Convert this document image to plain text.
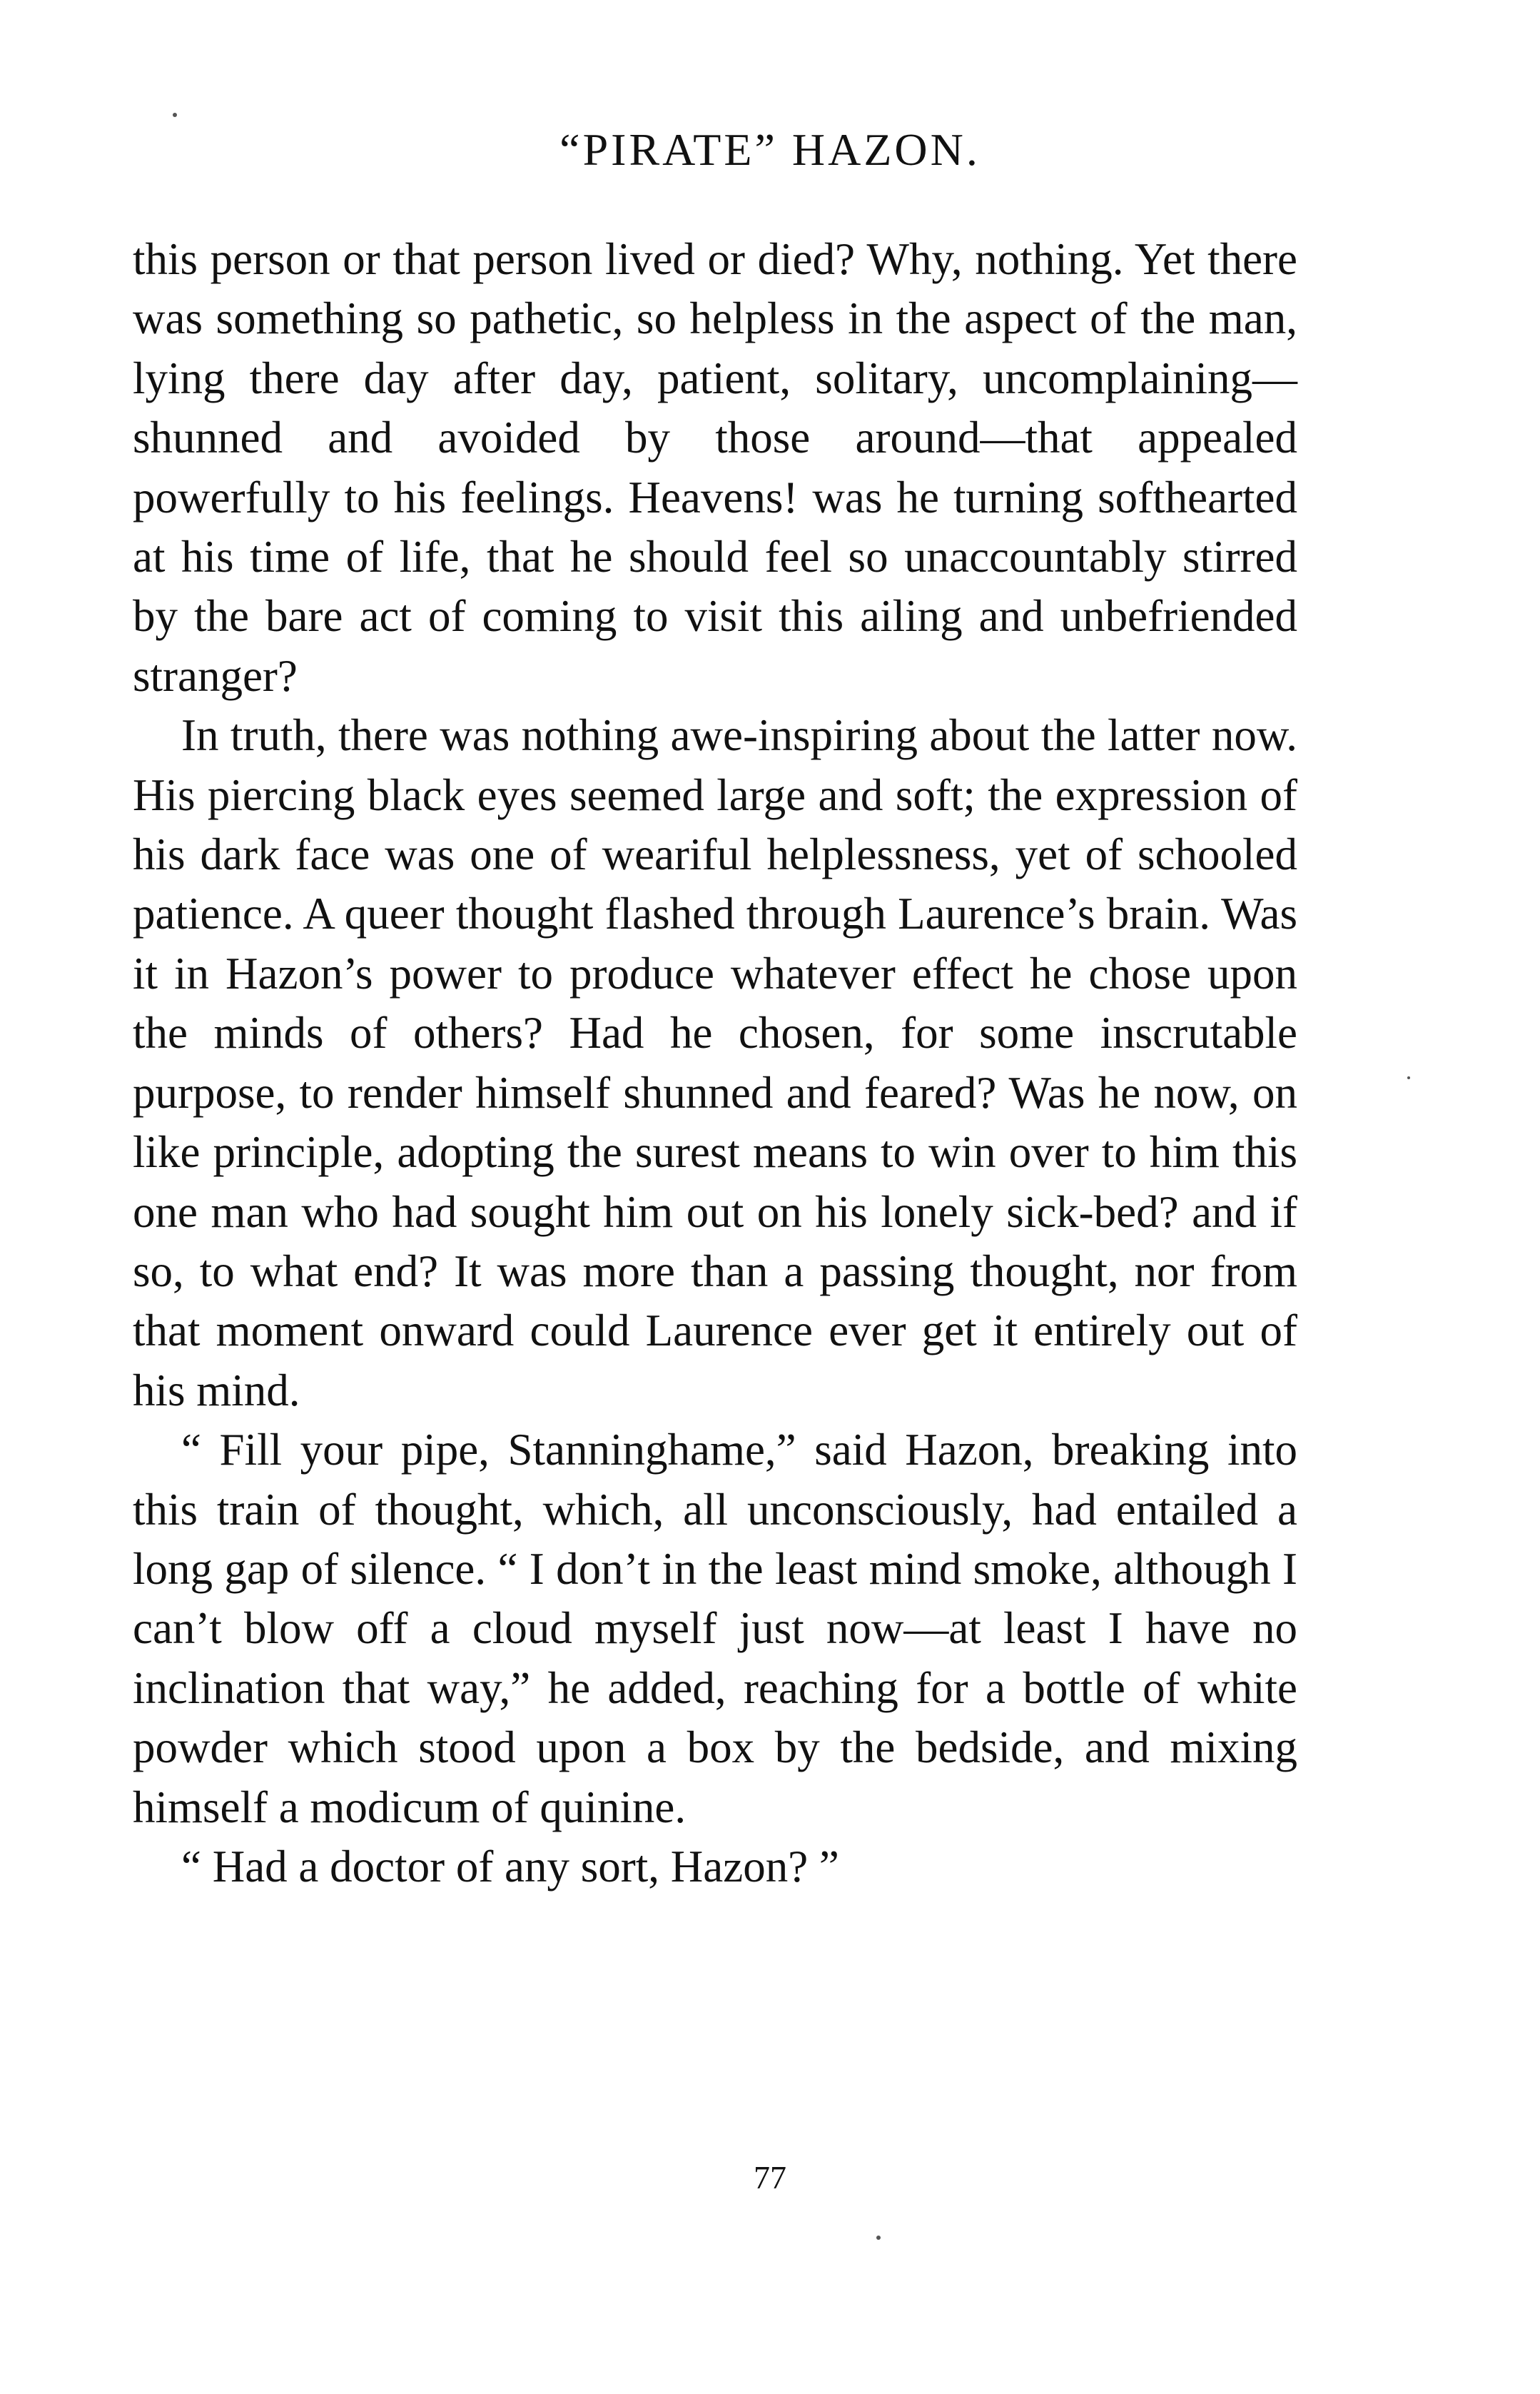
“PIRATE” HAZON.

this person or that person lived or died? Why, nothing. Yet there was something so pathetic, so helpless in the aspect of the man, lying there day after day, patient, solitary, uncomplaining—shunned and avoided by those around—that appealed powerfully to his feelings. Heavens! was he turning softhearted at his time of life, that he should feel so unaccountably stirred by the bare act of coming to visit this ailing and unbefriended stranger?

In truth, there was nothing awe-inspiring about the latter now. His piercing black eyes seemed large and soft; the expression of his dark face was one of weariful helplessness, yet of schooled patience. A queer thought flashed through Laurence’s brain. Was it in Hazon’s power to produce whatever effect he chose upon the minds of others? Had he chosen, for some inscrutable purpose, to render himself shunned and feared? Was he now, on like principle, adopting the surest means to win over to him this one man who had sought him out on his lonely sick-bed? and if so, to what end? It was more than a passing thought, nor from that moment onward could Laurence ever get it entirely out of his mind.

“ Fill your pipe, Stanninghame,” said Hazon, breaking into this train of thought, which, all unconsciously, had entailed a long gap of silence. “ I don’t in the least mind smoke, although I can’t blow off a cloud myself just now—at least I have no inclination that way,” he added, reaching for a bottle of white powder which stood upon a box by the bedside, and mixing himself a modicum of quinine.

“ Had a doctor of any sort, Hazon? ”

77
